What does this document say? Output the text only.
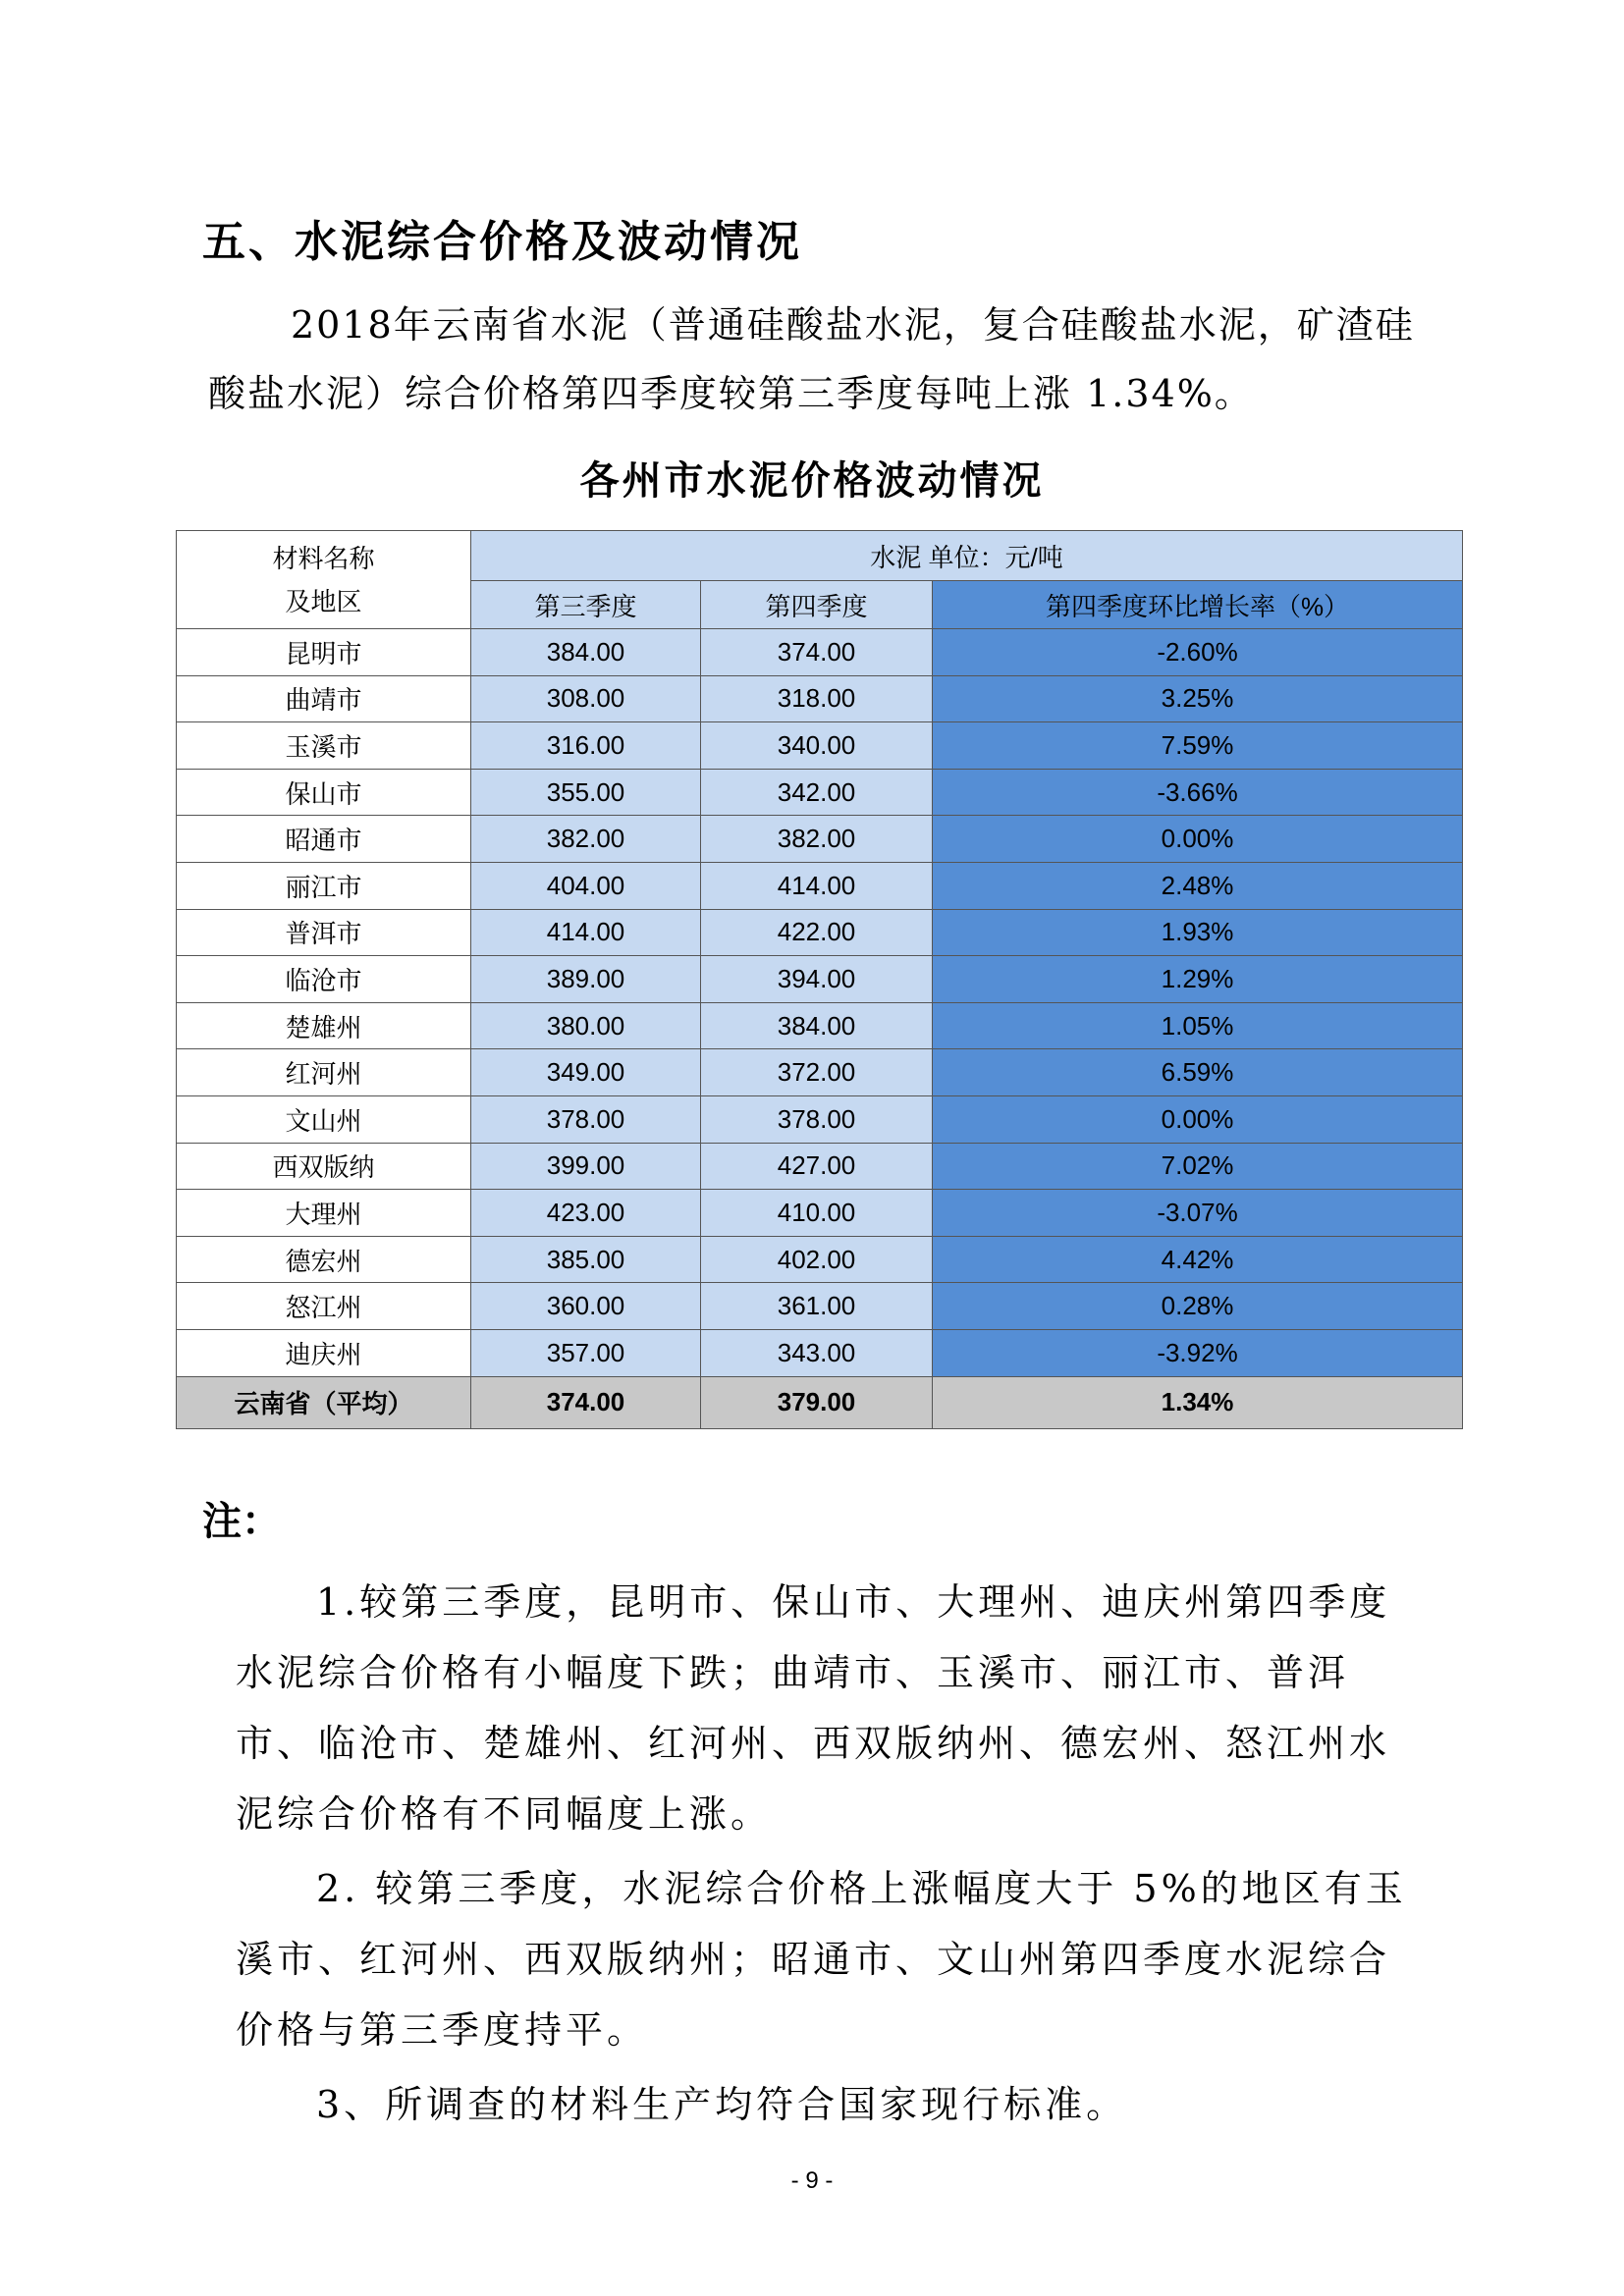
五、水泥综合价格及波动情况
2018年云南省水泥（普通硅酸盐水泥，复合硅酸盐水泥，矿渣硅酸盐水泥）综合价格第四季度较第三季度每吨上涨 1.34%。
各州市水泥价格波动情况
材料名称
及地区	水泥 单位：元/吨		
	第三季度	第四季度	第四季度环比增长率（%）
昆明市	384.00	374.00	-2.60%
曲靖市	308.00	318.00	3.25%
玉溪市	316.00	340.00	7.59%
保山市	355.00	342.00	-3.66%
昭通市	382.00	382.00	0.00%
丽江市	404.00	414.00	2.48%
普洱市	414.00	422.00	1.93%
临沧市	389.00	394.00	1.29%
楚雄州	380.00	384.00	1.05%
红河州	349.00	372.00	6.59%
文山州	378.00	378.00	0.00%
西双版纳	399.00	427.00	7.02%
大理州	423.00	410.00	-3.07%
德宏州	385.00	402.00	4.42%
怒江州	360.00	361.00	0.28%
迪庆州	357.00	343.00	-3.92%
云南省（平均）	374.00	379.00	1.34%
注：

1.较第三季度，昆明市、保山市、大理州、迪庆州第四季度水泥综合价格有小幅度下跌；曲靖市、玉溪市、丽江市、普洱市、临沧市、楚雄州、红河州、西双版纳州、德宏州、怒江州水泥综合价格有不同幅度上涨。

2. 较第三季度，水泥综合价格上涨幅度大于 5%的地区有玉溪市、红河州、西双版纳州；昭通市、文山州第四季度水泥综合价格与第三季度持平。

3、所调查的材料生产均符合国家现行标准。

- 9 -
